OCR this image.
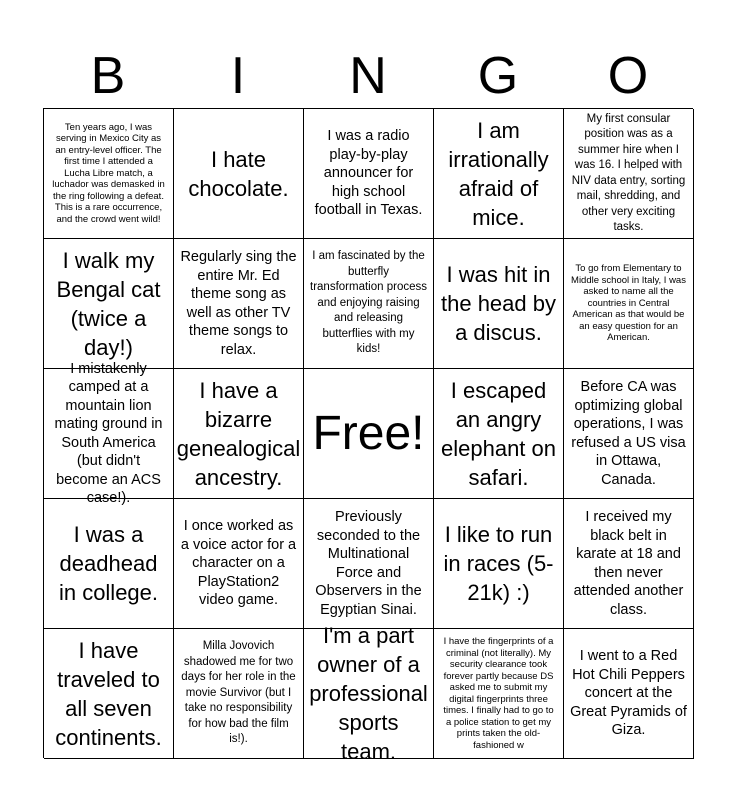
B	I	N	G	O
Ten years ago, I was serving in Mexico City as an entry-level officer. The first time I attended a Lucha Libre match, a luchador was demasked in the ring following a defeat. This is a rare occurrence, and the crowd went wild!
I hate chocolate.
I was a radio play-by-play announcer for high school football in Texas.
I am irrationally afraid of mice.
My first consular position was as a summer hire when I was 16. I helped with NIV data entry, sorting mail, shredding, and other very exciting tasks.
I walk my Bengal cat (twice a day!)
Regularly sing the entire Mr. Ed theme song as well as other TV theme songs to relax.
I am fascinated by the butterfly transformation process and enjoying raising and releasing butterflies with my kids!
I was hit in the head by a discus.
To go from Elementary to Middle school in Italy, I was asked to name all the countries in Central American as that would be an easy question for an American.
I mistakenly camped at a mountain lion mating ground in South America (but didn't become an ACS case!).
I have a bizarre genealogical ancestry.
Free!
I escaped an angry elephant on safari.
Before CA was optimizing global operations, I was refused a US visa in Ottawa, Canada.
I was a deadhead in college.
I once worked as a voice actor for a character on a PlayStation2 video game.
Previously seconded to the Multinational Force and Observers in the Egyptian Sinai.
I like to run in races (5-21k) :)
I received my black belt in karate at 18 and then never attended another class.
I have traveled to all seven continents.
Milla Jovovich shadowed me for two days for her role in the movie Survivor (but I take no responsibility for how bad the film is!).
I'm a part owner of a professional sports team.
I have the fingerprints of a criminal (not literally). My security clearance took forever partly because DS asked me to submit my digital fingerprints three times. I finally had to go to a police station to get my prints taken the old-fashioned w
I went to a Red Hot Chili Peppers concert at the Great Pyramids of Giza.
